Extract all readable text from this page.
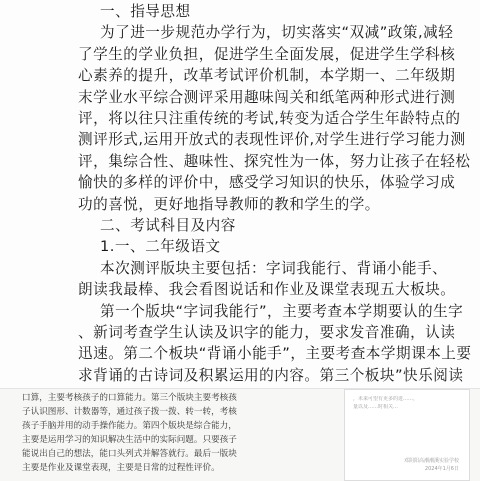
一、指导思想
为了进一步规范办学行为，切实落实“双减”政策,减轻
了学生的学业负担，促进学生全面发展，促进学生学科核
心素养的提升，改革考试评价机制，本学期一、二年级期
末学业水平综合测评采用趣味闯关和纸笔两种形式进行测
评，将以往只注重传统的考试,转变为适合学生年龄特点的
测评形式,运用开放式的表现性评价,对学生进行学习能力测
评，集综合性、趣味性、探究性为一体，努力让孩子在轻松
愉快的多样的评价中，感受学习知识的快乐，体验学习成
功的喜悦，更好地指导教师的教和学生的学。
二、考试科目及内容
1.一、二年级语文
本次测评版块主要包括：字词我能行、背诵小能手、
朗读我最棒、我会看图说话和作业及课堂表现五大板块。
第一个版块“字词我能行”，主要考查本学期要认的生字
、新词考查学生认读及识字的能力，要求发音准确，认读
迅速。第二个板块“背诵小能手”，主要考查本学期课本上要
求背诵的古诗词及积累运用的内容。第三个板块”快乐阅读
口算，主要考核孩子的口算能力。第三个版块主要考核孩
子认识图形、计数器等，通过孩子拨一拨、转一转，考核
孩子手脑并用的动手操作能力。第四个版块是综合能力，
主要是运用学习的知识解决生活中的实际问题。只要孩子
能说出自己的想法，能口头列式并解答就行。最后一版块
主要是作业及课堂表现，主要是日常的过程性评价。
，未来可望有更多的进……，
量以及……时相关…
邓阴阳高潮潮溪实验学校
2024年1月6日
